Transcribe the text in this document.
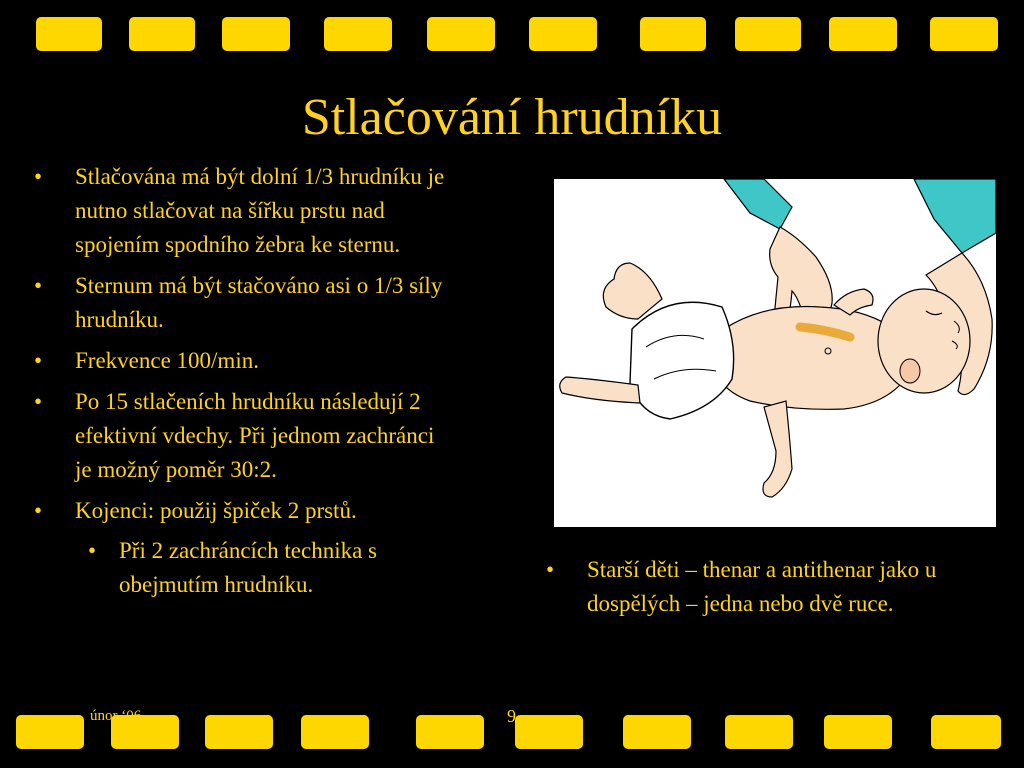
Stlačování hrudníku
• Stlačována má být dolní 1/3 hrudníku je nutno stlačovat na šířku prstu nad spojením spodního žebra ke sternu.
• Sternum má být stačováno asi o 1/3 síly hrudníku.
• Frekvence 100/min.
• Po 15 stlačeních hrudníku následují 2 efektivní vdechy. Při jednom zachránci je možný poměr 30:2.
• Kojenci: použij špiček 2 prstů.
• Při 2 zachráncích technika s obejmutím hrudníku.
• Starší děti – thenar a antithenar jako u dospělých – jedna nebo dvě ruce.
únor ‘06	9
